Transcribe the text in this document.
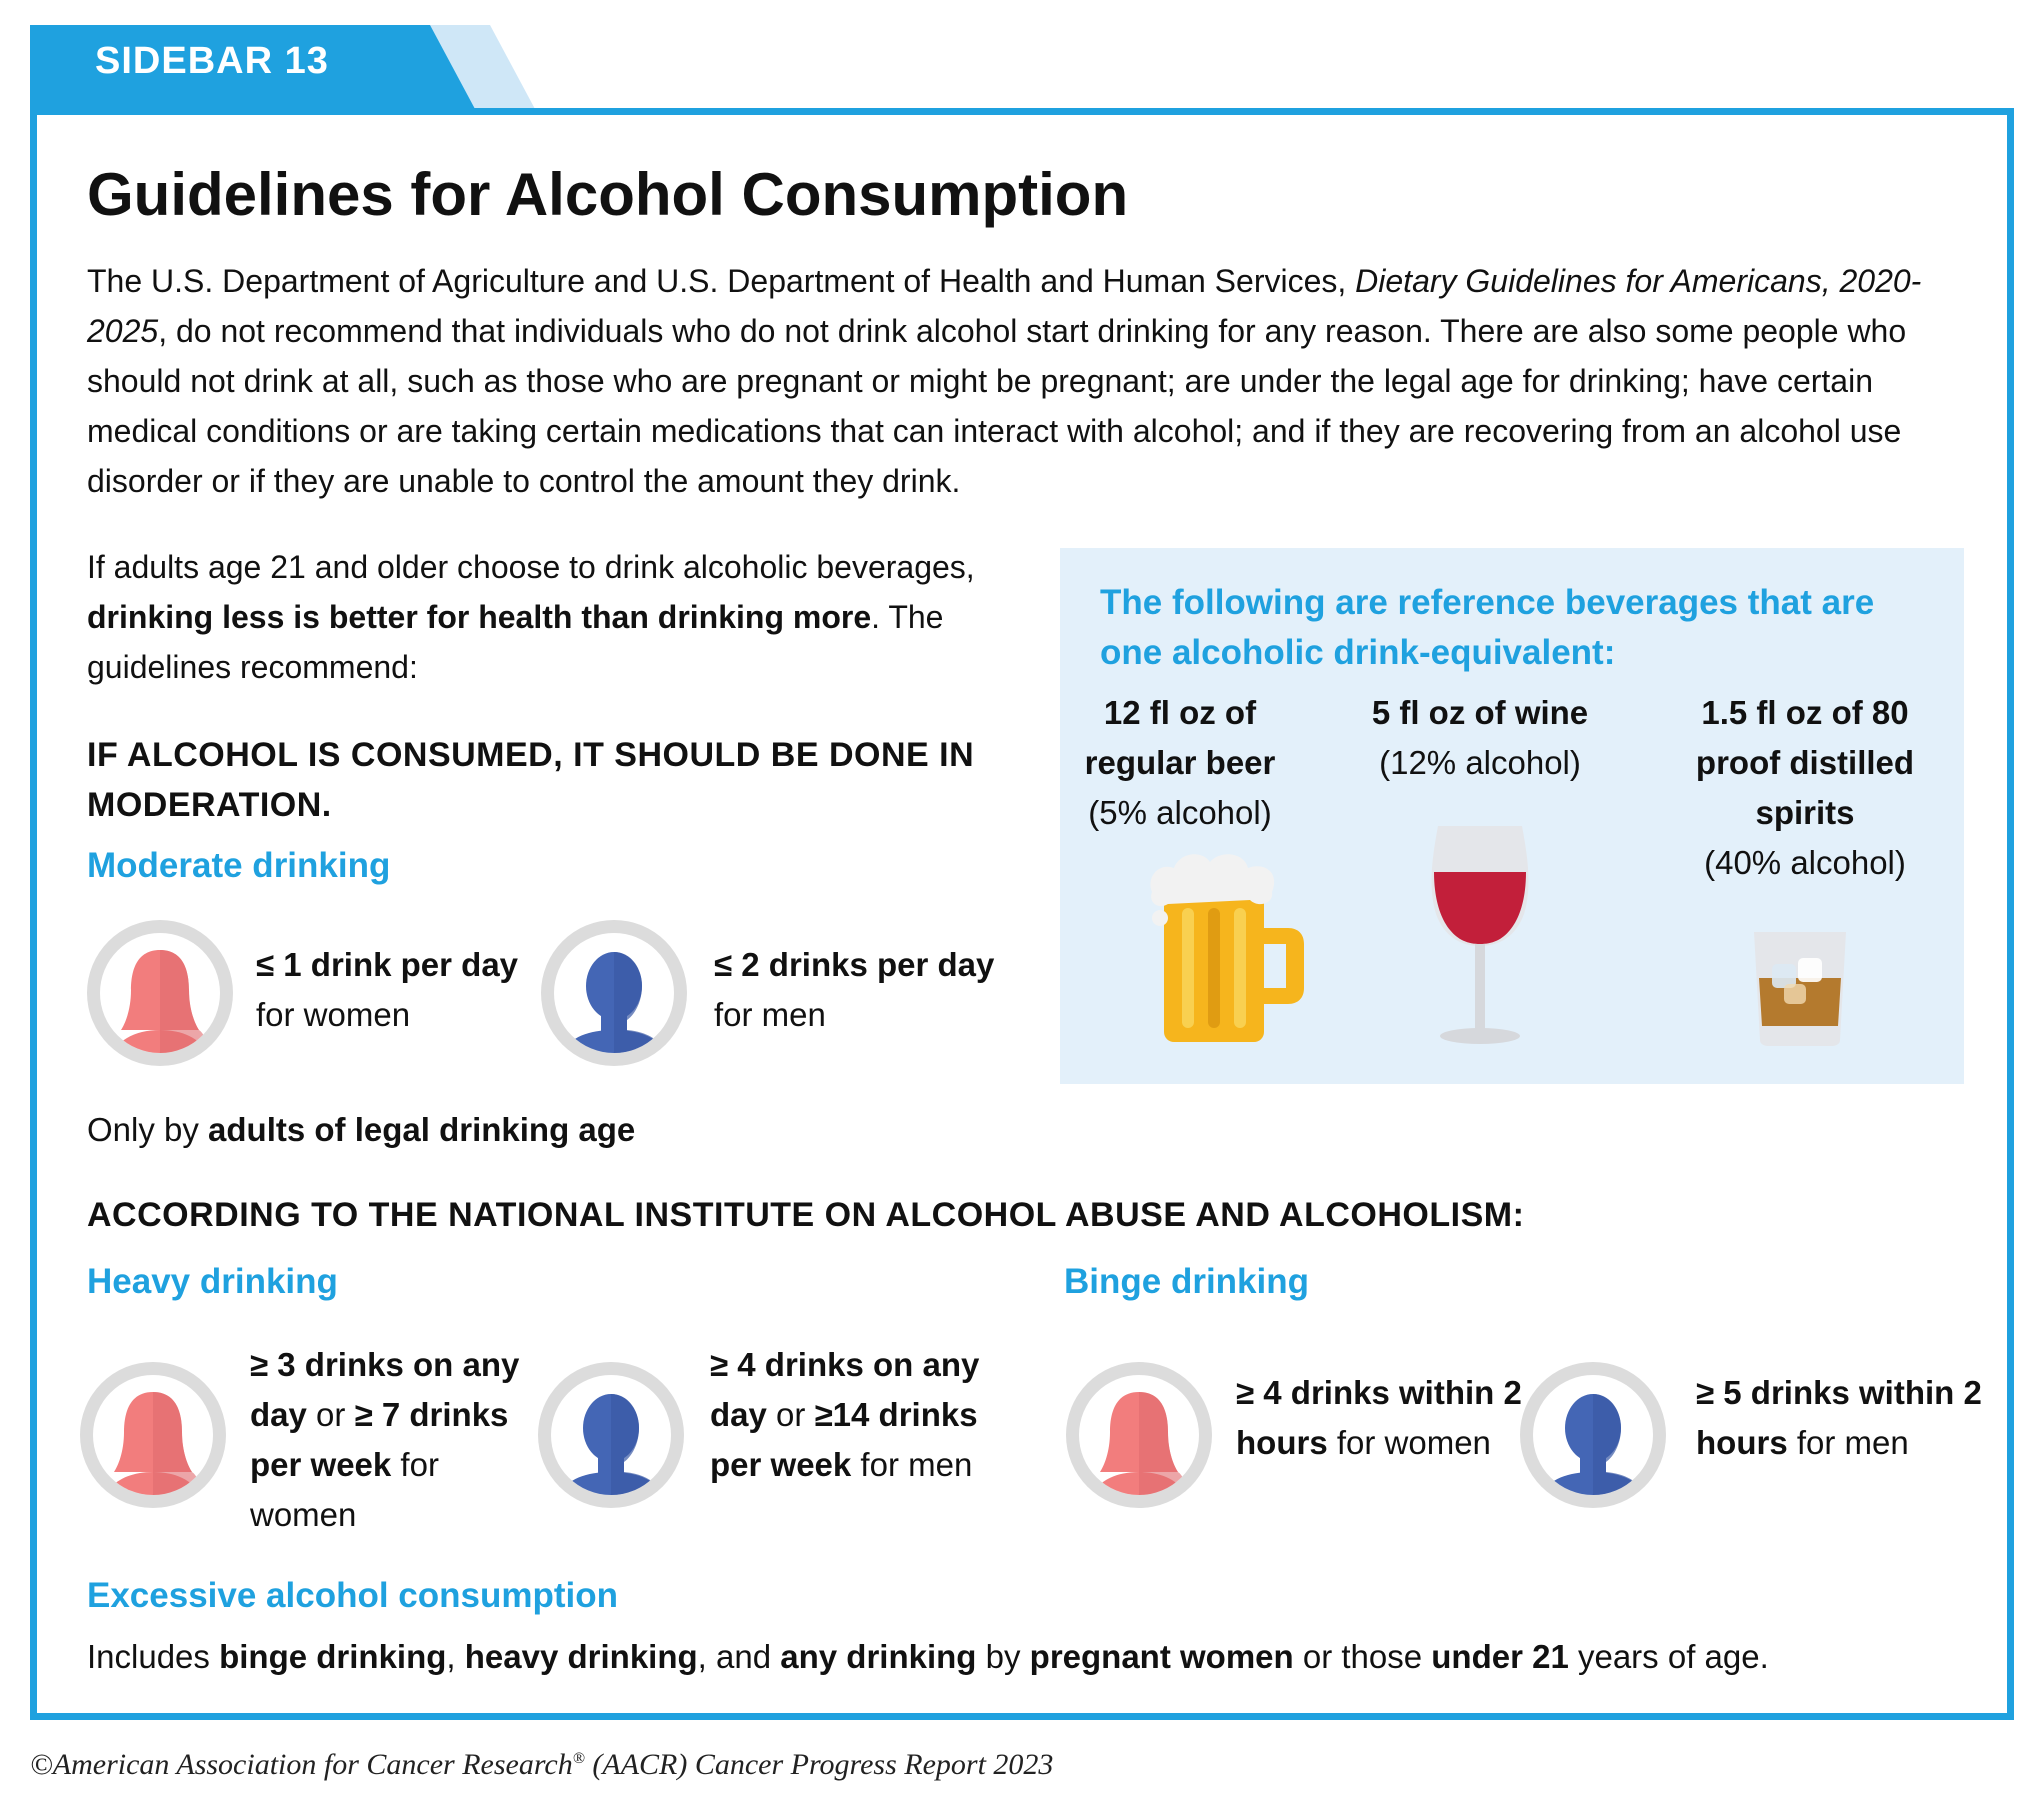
SIDEBAR 13
Guidelines for Alcohol Consumption

The U.S. Department of Agriculture and U.S. Department of Health and Human Services, Dietary Guidelines for Americans, 2020-2025, do not recommend that individuals who do not drink alcohol start drinking for any reason. There are also some people who should not drink at all, such as those who are pregnant or might be pregnant; are under the legal age for drinking; have certain medical conditions or are taking certain medications that can interact with alcohol; and if they are recovering from an alcohol use disorder or if they are unable to control the amount they drink.

If adults age 21 and older choose to drink alcoholic beverages, drinking less is better for health than drinking more. The guidelines recommend:

IF ALCOHOL IS CONSUMED, IT SHOULD BE DONE IN MODERATION.

Moderate drinking

≤ 1 drink per day for women

≤ 2 drinks per day for men

Only by adults of legal drinking age

The following are reference beverages that are one alcoholic drink-equivalent:

12 fl oz of regular beer
(5% alcohol)
5 fl oz of wine
(12% alcohol)
1.5 fl oz of 80 proof distilled spirits
(40% alcohol)

ACCORDING TO THE NATIONAL INSTITUTE ON ALCOHOL ABUSE AND ALCOHOLISM:

Heavy drinking

≥ 3 drinks on any day or ≥ 7 drinks per week for women

≥ 4 drinks on any day or ≥14 drinks per week for men

Binge drinking

≥ 4 drinks within 2 hours for women

≥ 5 drinks within 2 hours for men

Excessive alcohol consumption

Includes binge drinking, heavy drinking, and any drinking by pregnant women or those under 21 years of age.

©American Association for Cancer Research® (AACR) Cancer Progress Report 2023
